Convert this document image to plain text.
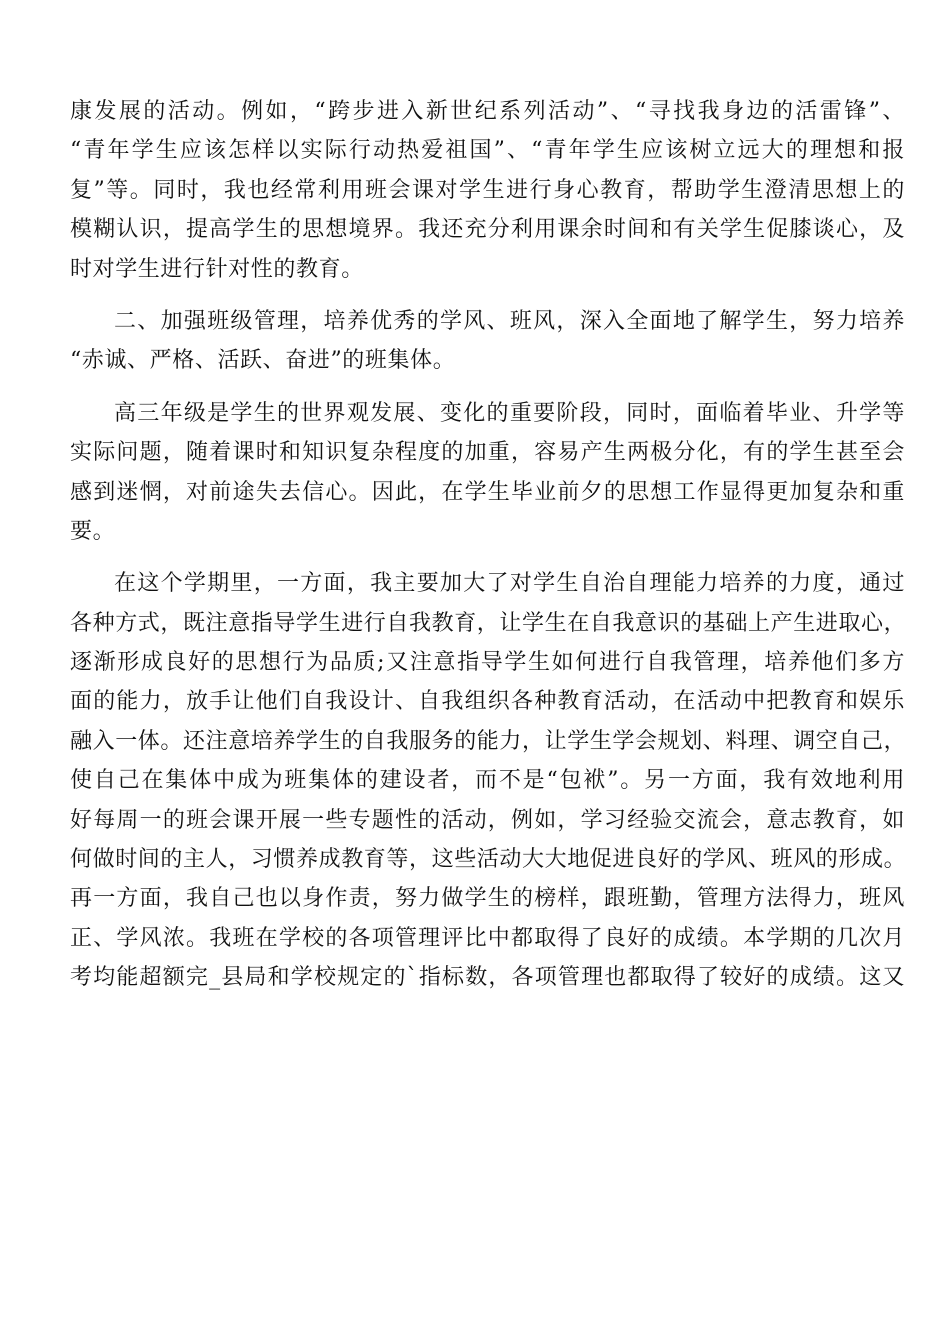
康发展的活动。例如，“跨步进入新世纪系列活动”、“寻找我身边的活雷锋”、
“青年学生应该怎样以实际行动热爱祖国”、“青年学生应该树立远大的理想和报
复”等。同时，我也经常利用班会课对学生进行身心教育，帮助学生澄清思想上的
模糊认识，提高学生的思想境界。我还充分利用课余时间和有关学生促膝谈心，及
时对学生进行针对性的教育。
二、加强班级管理，培养优秀的学风、班风，深入全面地了解学生，努力培养
“赤诚、严格、活跃、奋进”的班集体。
高三年级是学生的世界观发展、变化的重要阶段，同时，面临着毕业、升学等
实际问题，随着课时和知识复杂程度的加重，容易产生两极分化，有的学生甚至会
感到迷惘，对前途失去信心。因此，在学生毕业前夕的思想工作显得更加复杂和重
要。
在这个学期里，一方面，我主要加大了对学生自治自理能力培养的力度，通过
各种方式，既注意指导学生进行自我教育，让学生在自我意识的基础上产生进取心，
逐渐形成良好的思想行为品质;又注意指导学生如何进行自我管理，培养他们多方
面的能力，放手让他们自我设计、自我组织各种教育活动，在活动中把教育和娱乐
融入一体。还注意培养学生的自我服务的能力，让学生学会规划、料理、调空自己，
使自己在集体中成为班集体的建设者，而不是“包袱”。另一方面，我有效地利用
好每周一的班会课开展一些专题性的活动，例如，学习经验交流会，意志教育，如
何做时间的主人，习惯养成教育等，这些活动大大地促进良好的学风、班风的形成。
再一方面，我自己也以身作责，努力做学生的榜样，跟班勤，管理方法得力，班风
正、学风浓。我班在学校的各项管理评比中都取得了良好的成绩。本学期的几次月
考均能超额完_县局和学校规定的`指标数，各项管理也都取得了较好的成绩。这又
